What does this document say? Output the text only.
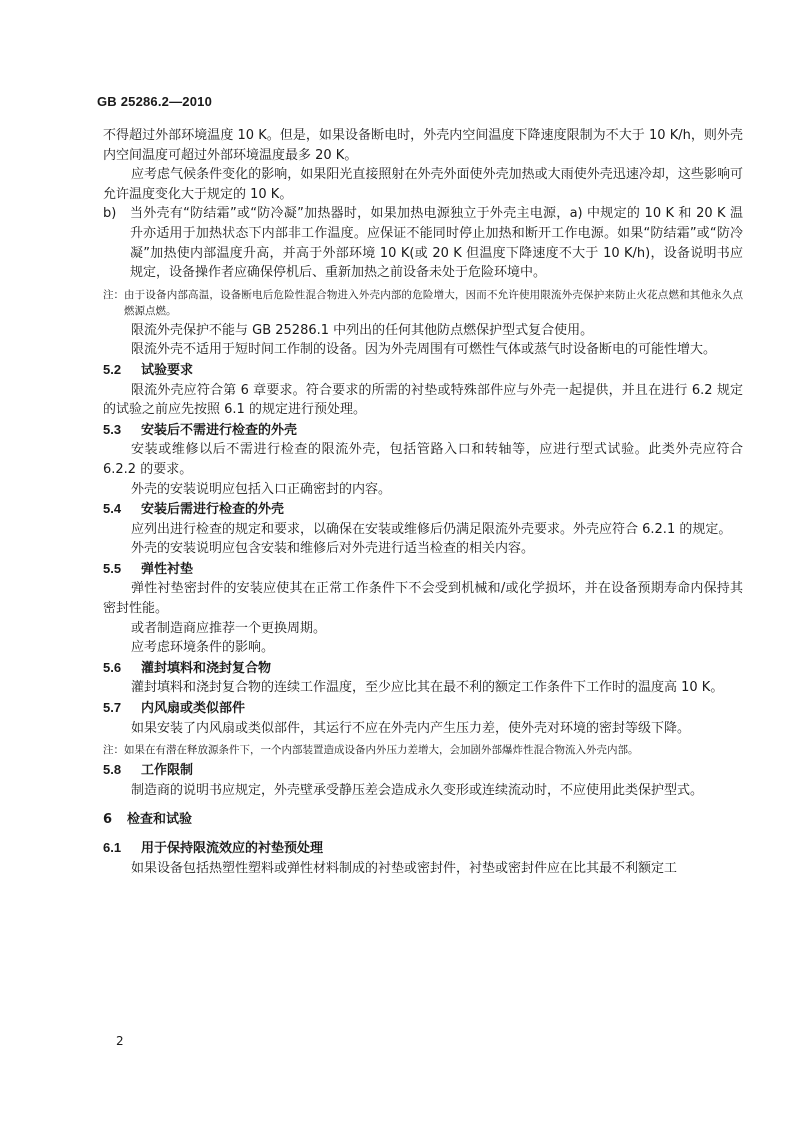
GB 25286.2—2010

不得超过外部环境温度 10 K。但是，如果设备断电时，外壳内空间温度下降速度限制为不大于 10 K/h，则外壳内空间温度可超过外部环境温度最多 20 K。

应考虑气候条件变化的影响，如果阳光直接照射在外壳外面使外壳加热或大雨使外壳迅速冷却，这些影响可允许温度变化大于规定的 10 K。

b)	当外壳有“防结霜”或“防冷凝”加热器时，如果加热电源独立于外壳主电源，a) 中规定的 10 K 和 20 K 温升亦适用于加热状态下内部非工作温度。应保证不能同时停止加热和断开工作电源。如果“防结霜”或“防冷凝”加热使内部温度升高，并高于外部环境 10 K(或 20 K 但温度下降速度不大于 10 K/h)，设备说明书应规定，设备操作者应确保停机后、重新加热之前设备未处于危险环境中。
注： 由于设备内部高温，设备断电后危险性混合物进入外壳内部的危险增大，因而不允许使用限流外壳保护来防止火花点燃和其他永久点燃源点燃。

限流外壳保护不能与 GB 25286.1 中列出的任何其他防点燃保护型式复合使用。

限流外壳不适用于短时间工作制的设备。因为外壳周围有可燃性气体或蒸气时设备断电的可能性增大。

5.2 试验要求

限流外壳应符合第 6 章要求。符合要求的所需的衬垫或特殊部件应与外壳一起提供，并且在进行 6.2 规定的试验之前应先按照 6.1 的规定进行预处理。

5.3 安装后不需进行检查的外壳

安装或维修以后不需进行检查的限流外壳，包括管路入口和转轴等，应进行型式试验。此类外壳应符合 6.2.2 的要求。

外壳的安装说明应包括入口正确密封的内容。

5.4 安装后需进行检查的外壳

应列出进行检查的规定和要求，以确保在安装或维修后仍满足限流外壳要求。外壳应符合 6.2.1 的规定。

外壳的安装说明应包含安装和维修后对外壳进行适当检查的相关内容。

5.5 弹性衬垫

弹性衬垫密封件的安装应使其在正常工作条件下不会受到机械和/或化学损坏，并在设备预期寿命内保持其密封性能。

或者制造商应推荐一个更换周期。

应考虑环境条件的影响。

5.6 灌封填料和浇封复合物

灌封填料和浇封复合物的连续工作温度，至少应比其在最不利的额定工作条件下工作时的温度高 10 K。

5.7 内风扇或类似部件

如果安装了内风扇或类似部件，其运行不应在外壳内产生压力差，使外壳对环境的密封等级下降。

注： 如果在有潜在释放源条件下，一个内部装置造成设备内外压力差增大，会加剧外部爆炸性混合物流入外壳内部。

5.8 工作限制

制造商的说明书应规定，外壳壁承受静压差会造成永久变形或连续流动时，不应使用此类保护型式。

6 检查和试验

6.1 用于保持限流效应的衬垫预处理

如果设备包括热塑性塑料或弹性材料制成的衬垫或密封件，衬垫或密封件应在比其最不利额定工

2
